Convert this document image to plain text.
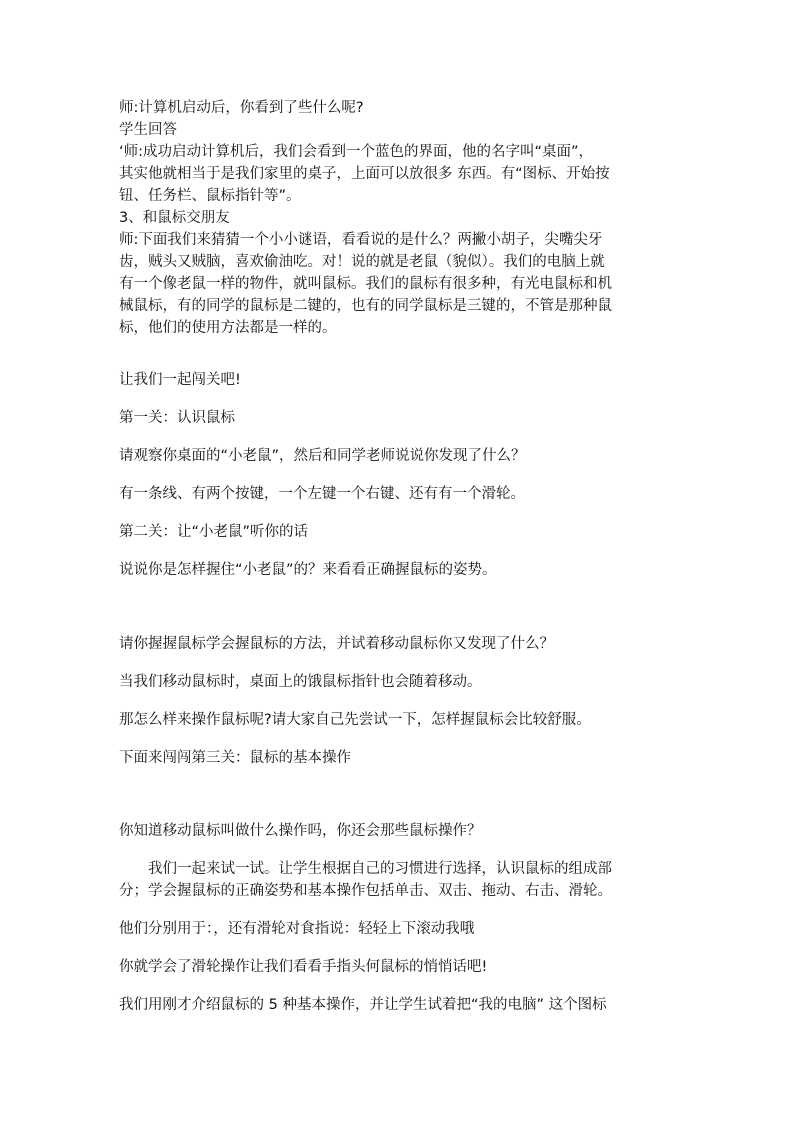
师:计算机启动后，你看到了些什么呢?

学生回答

‘师:成功启动计算机后，我们会看到一个蓝色的界面，他的名字叫“桌面”，
其实他就相当于是我们家里的桌子，上面可以放很多 东西。有“图标、开始按
钮、任务栏、鼠标指针等”。

3、和鼠标交朋友

师:下面我们来猜猜一个小小谜语，看看说的是什么？两撇小胡子，尖嘴尖牙
齿，贼头又贼脑，喜欢偷油吃。对！说的就是老鼠（貌似）。我们的电脑上就
有一个像老鼠一样的物件，就叫鼠标。我们的鼠标有很多种，有光电鼠标和机
械鼠标，有的同学的鼠标是二键的，也有的同学鼠标是三键的，不管是那种鼠
标，他们的使用方法都是一样的。

让我们一起闯关吧!

第一关：认识鼠标

请观察你桌面的“小老鼠”，然后和同学老师说说你发现了什么？

有一条线、有两个按键，一个左键一个右键、还有有一个滑轮。

第二关：让“小老鼠”听你的话

说说你是怎样握住“小老鼠”的？来看看正确握鼠标的姿势。

请你握握鼠标学会握鼠标的方法，并试着移动鼠标你又发现了什么？

当我们移动鼠标时，桌面上的饿鼠标指针也会随着移动。

那怎么样来操作鼠标呢?请大家自己先尝试一下，怎样握鼠标会比较舒服。

下面来闯闯第三关：鼠标的基本操作

你知道移动鼠标叫做什么操作吗，你还会那些鼠标操作？

　　我们一起来试一试。让学生根据自己的习惯进行选择，认识鼠标的组成部
分；学会握鼠标的正确姿势和基本操作包括单击、双击、拖动、右击、滑轮。

他们分别用于：，还有滑轮对食指说：轻轻上下滚动我哦

你就学会了滑轮操作让我们看看手指头何鼠标的悄悄话吧!

我们用刚才介绍鼠标的 5 种基本操作，并让学生试着把“我的电脑” 这个图标
